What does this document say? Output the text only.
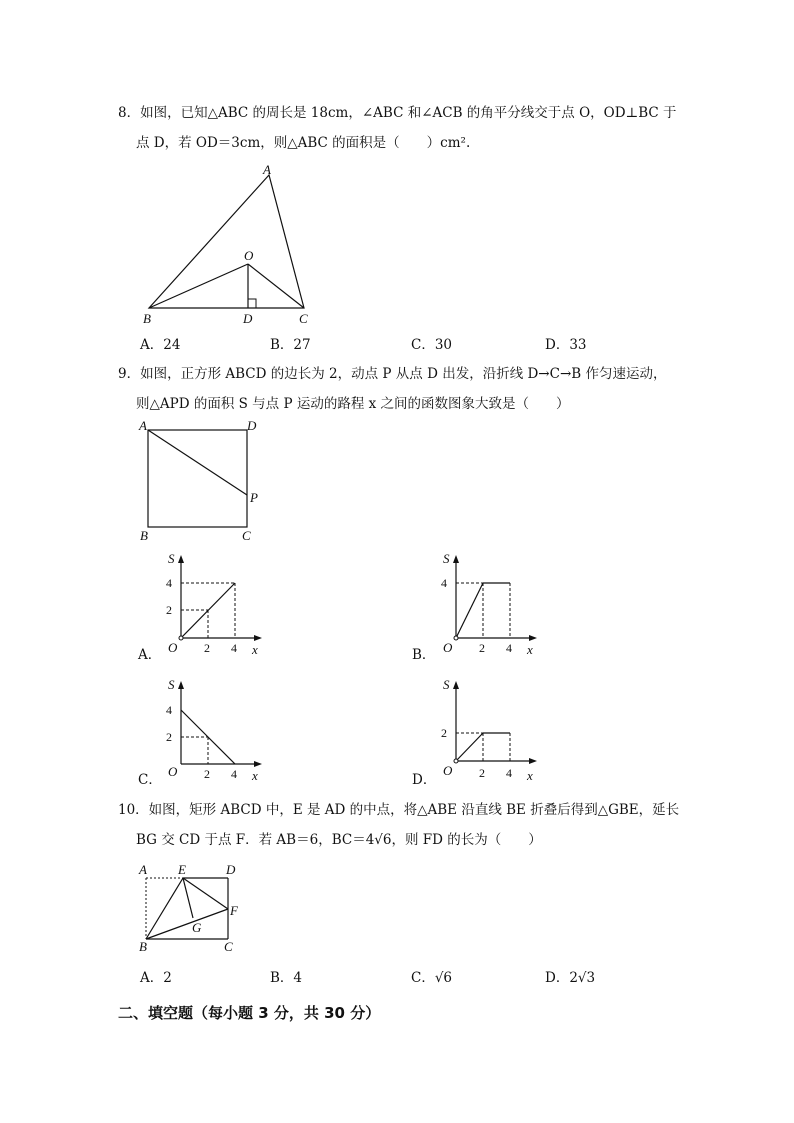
8．如图，已知△ABC 的周长是 18cm，∠ABC 和∠ACB 的角平分线交于点 O，OD⊥BC 于
点 D，若 OD＝3cm，则△ABC 的面积是（　　）cm².
A
O
B	D	C
A．24	B．27	C．30	D．33
9．如图，正方形 ABCD 的边长为 2，动点 P 从点 D 出发，沿折线 D→C→B 作匀速运动，
则△APD 的面积 S 与点 P 运动的路程 x 之间的函数图象大致是（　　）
A	D
P
B	C
A．
S
4
2
O 2 4 x	B．
S
4
O 2 4 x
C．
S
4
2
O 2 4 x	D．
S
2
O 2 4 x
10．如图，矩形 ABCD 中，E 是 AD 的中点，将△ABE 沿直线 BE 折叠后得到△GBE，延长
BG 交 CD 于点 F．若 AB＝6，BC＝4√6，则 FD 的长为（　　）
A E	D
F
G
B	C
A．2	B．4	C．√6	D．2√3
二、填空题（每小题 3 分，共 30 分）
